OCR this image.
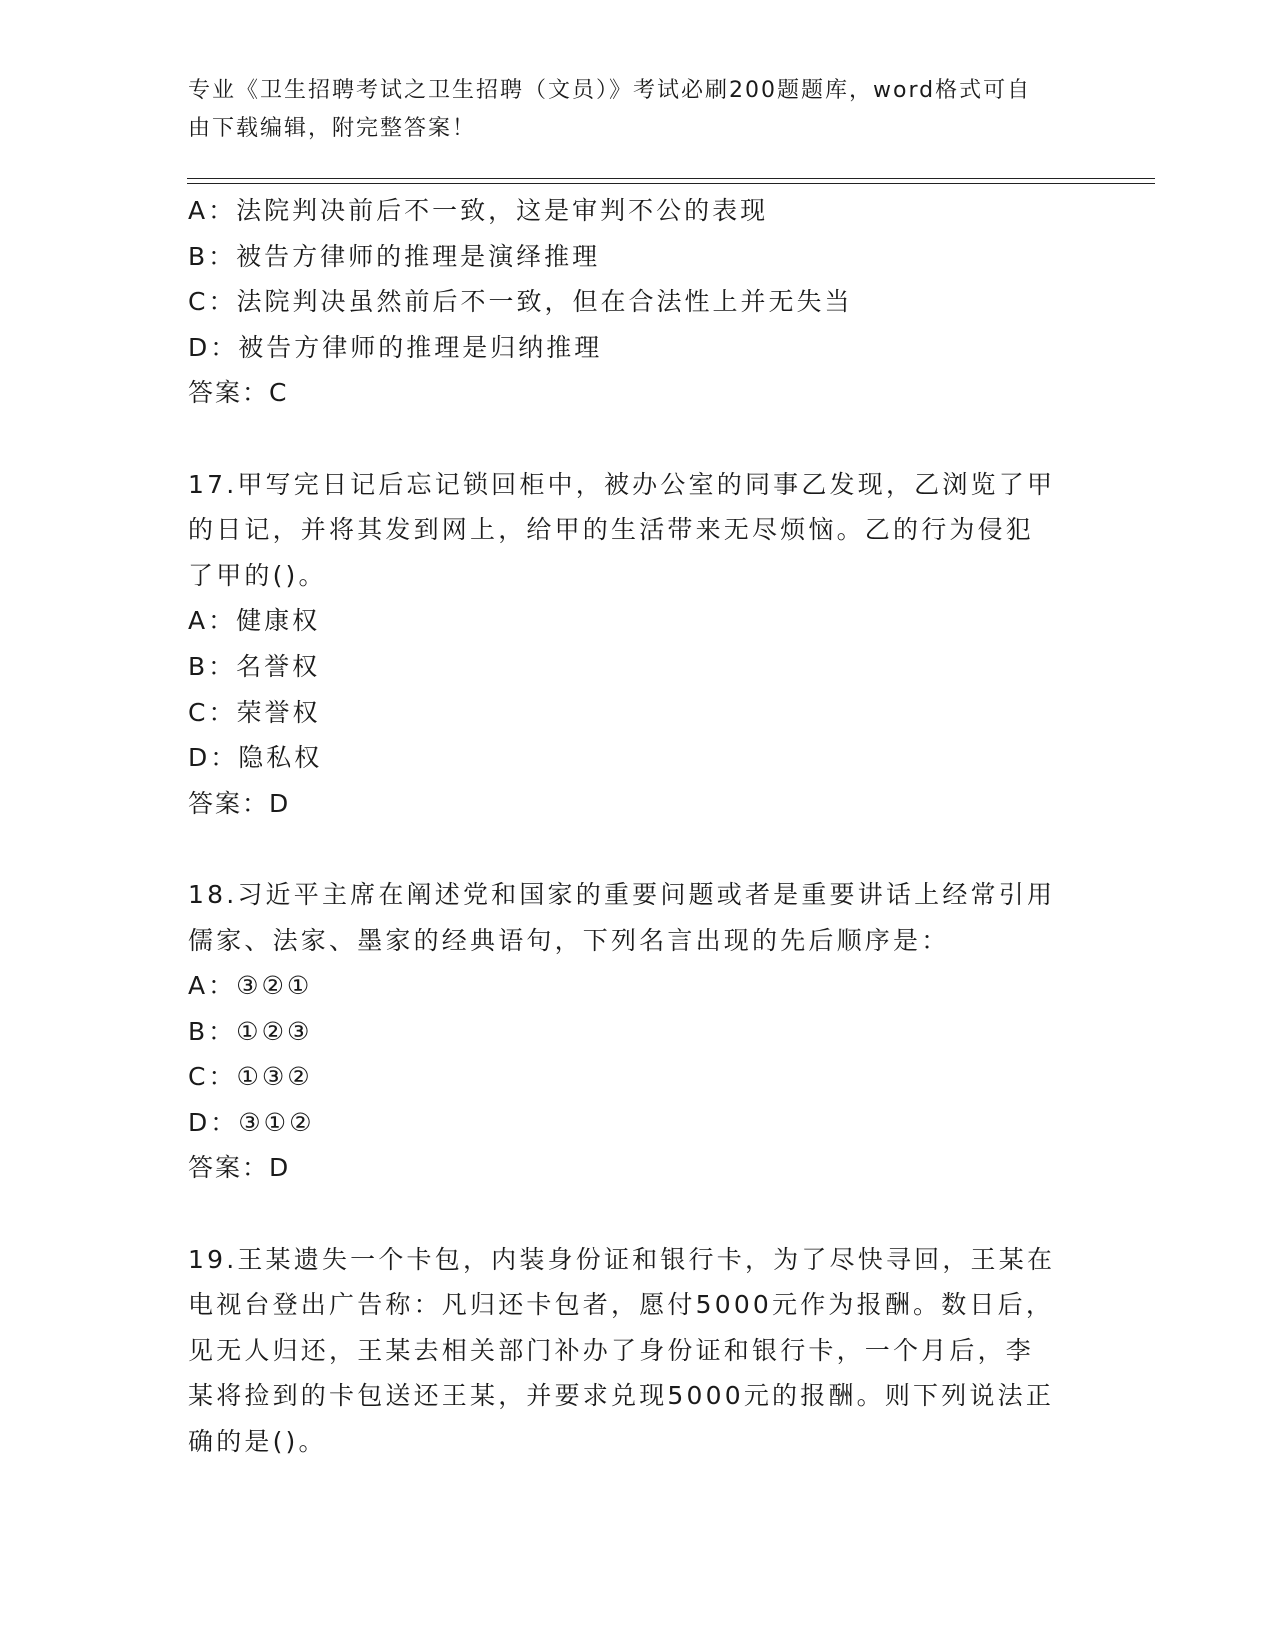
专业《卫生招聘考试之卫生招聘（文员）》考试必刷200题题库，word格式可自
由下载编辑，附完整答案！
A：法院判决前后不一致，这是审判不公的表现
B：被告方律师的推理是演绎推理
C：法院判决虽然前后不一致，但在合法性上并无失当
D：被告方律师的推理是归纳推理
答案：C
17.甲写完日记后忘记锁回柜中，被办公室的同事乙发现，乙浏览了甲
的日记，并将其发到网上，给甲的生活带来无尽烦恼。乙的行为侵犯
了甲的()。
A：健康权
B：名誉权
C：荣誉权
D：隐私权
答案：D
18.习近平主席在阐述党和国家的重要问题或者是重要讲话上经常引用
儒家、法家、墨家的经典语句，下列名言出现的先后顺序是：
A：③②①
B：①②③
C：①③②
D：③①②
答案：D
19.王某遗失一个卡包，内装身份证和银行卡，为了尽快寻回，王某在
电视台登出广告称：凡归还卡包者，愿付5000元作为报酬。数日后，
见无人归还，王某去相关部门补办了身份证和银行卡，一个月后，李
某将捡到的卡包送还王某，并要求兑现5000元的报酬。则下列说法正
确的是()。
